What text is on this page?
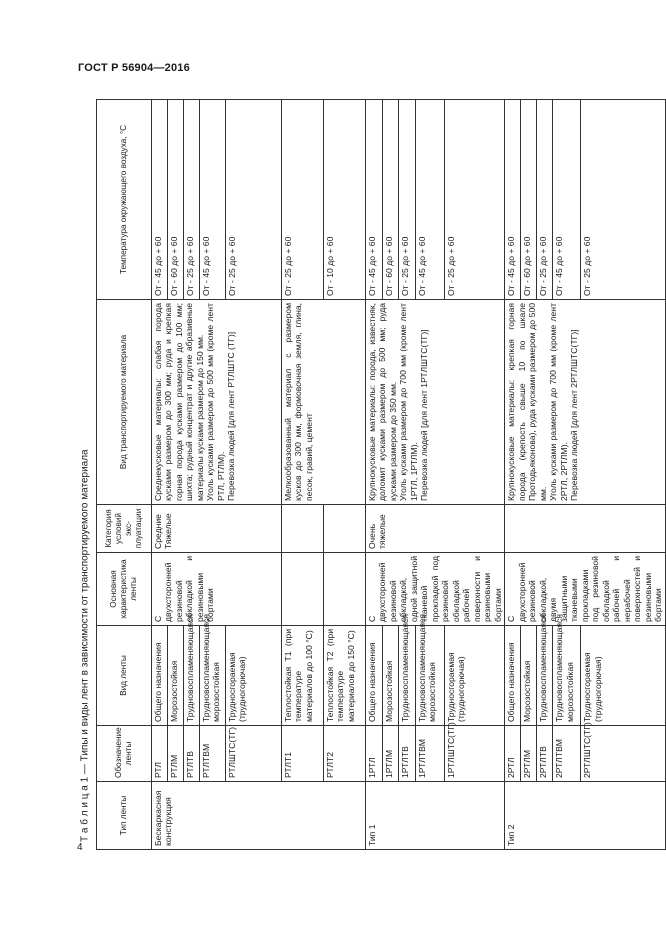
ГОСТ Р 56904—2016
Т а б л и ц а 1 — Типы и виды лент в зависимости от транспортируемого материала	Тип ленты	Обозначение ленты	Вид ленты	Основная характеристика ленты	Категория условий экс-плуатации	Вид транспортируемого материала	Температура окружающего воздуха, °С
Бескаркасная конструкция	РТЛ	Общего назначения	С двухсторонней резиновой обкладкой и резиновыми бортами	Средние Тяжелые	Среднекусковые материалы: слабая порода кусками размером до 300 мм; руда и крепкая горная порода кусками размером до 100 мм; шихта; рудный концентрат и другие абразивные материалы кусками размером до 150 мм. Уголь кусками размером до 500 мм (кроме лент РТЛ, РТЛМ). Перевозка людей [для лент РТЛШТС (ТГ)]	От - 45 до + 60
	РТЛМ	Морозостойкая				От - 60 до + 60
	РТЛТВ	Трудновоспламеняющаяся				От - 25 до + 60
	РТЛТВМ	Трудновоспламеняющаяся морозостойкая				От - 45 до + 60
	РТЛШТС(ТГ)	Трудносгораемая (трудногорючая)				От - 25 до + 60
	РТЛТ1	Теплостойкая Т1 (при температуре материалов до 100 °С)			Мелкообразованный материал с размером кусков до 300 мм, формовочная земля, глина, песок, гравий, цемент	От - 25 до + 60
	РТЛТ2	Теплостойкая Т2 (при температуре материалов до 150 °С)				От - 10 до + 60
Тип 1	1РТЛ	Общего назначения	С двухсторонней резиновой обкладкой, одной защитной тканевой прокладкой под резиновой обкладкой рабочей поверхности и резиновыми бортами	Очень тяжелые	Крупнокусковые материалы: порода, известняк, доломит кусками размером до 500 мм; руда кусками размером до 350 мм. Уголь кусками размером до 700 мм (кроме лент 1РТЛ, 1РТЛМ). Перевозка людей [для лент 1РТЛШТС(ТГ)]	От - 45 до + 60
	1РТЛМ	Морозостойкая				От - 60 до + 60
	1РТЛТВ	Трудновоспламеняющаяся				От - 25 до + 60
	1РТЛТВМ	Трудновоспламеняющаяся морозостойкая				От - 45 до + 60
	1РТЛШТС(ТГ)	Трудносгораемая (трудногорючая)				От - 25 до + 60
Тип 2	2РТЛ	Общего назначения	С двухсторонней резиновой обкладкой, двумя защитными тканевыми прокладками под резиновой обкладкой рабочей и нерабочей поверхностей и резиновыми бортами		Крупнокусковые материалы: крепкая горная порода (крепость свыше 10 по шкале Протодьяконова), руда кусками размером до 500 мм. Уголь кусками размером до 700 мм (кроме лент 2РТЛ, 2РТЛМ). Перевозка людей [для лент 2РТЛШТС(ТГ)]	От - 45 до + 60
	2РТЛМ	Морозостойкая				От - 60 до + 60
	2РТЛТВ	Трудновоспламеняющаяся				От - 25 до + 60
	2РТЛТВМ	Трудновоспламеняющаяся морозостойкая				От - 45 до + 60
	2РТЛШТС(ТГ)	Трудносгораемая (трудногорючая)				От - 25 до + 60
4
